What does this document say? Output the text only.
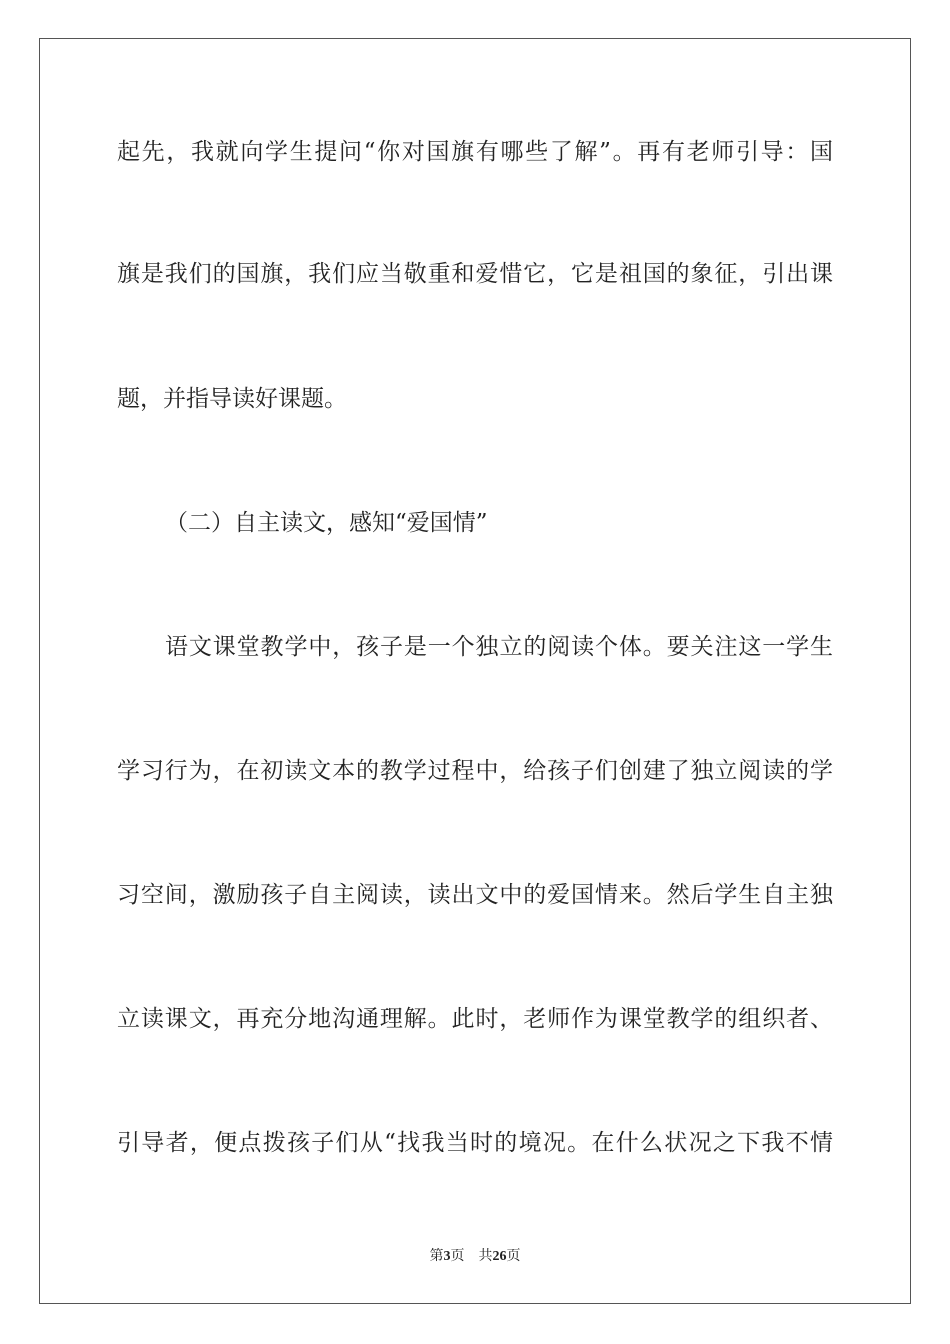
起先，我就向学生提问“你对国旗有哪些了解”。再有老师引导：国
旗是我们的国旗，我们应当敬重和爱惜它，它是祖国的象征，引出课
题，并指导读好课题。
（二）自主读文，感知“爱国情”
语文课堂教学中，孩子是一个独立的阅读个体。要关注这一学生
学习行为，在初读文本的教学过程中，给孩子们创建了独立阅读的学
习空间，激励孩子自主阅读，读出文中的爱国情来。然后学生自主独
立读课文，再充分地沟通理解。此时，老师作为课堂教学的组织者、
引导者，便点拨孩子们从“找我当时的境况。在什么状况之下我不情
第3页 共26页
